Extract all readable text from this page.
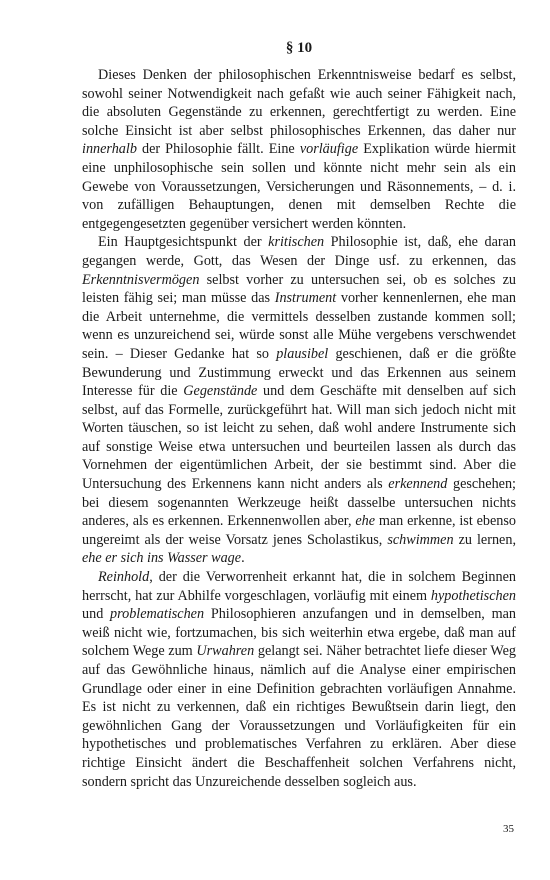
§ 10

Dieses Denken der philosophischen Erkenntnisweise bedarf es selbst, sowohl seiner Notwendigkeit nach gefaßt wie auch seiner Fähigkeit nach, die absoluten Gegenstände zu erkennen, gerechtfertigt zu werden. Eine solche Einsicht ist aber selbst philosophisches Erkennen, das daher nur innerhalb der Philosophie fällt. Eine vorläufige Explikation würde hiermit eine unphilosophische sein sollen und könnte nicht mehr sein als ein Gewebe von Voraussetzungen, Versicherungen und Räsonnements, – d. i. von zufälligen Behauptungen, denen mit demselben Rechte die entgegengesetzten gegenüber versichert werden könnten.

Ein Hauptgesichtspunkt der kritischen Philosophie ist, daß, ehe daran gegangen werde, Gott, das Wesen der Dinge usf. zu erkennen, das Erkenntnisvermögen selbst vorher zu untersuchen sei, ob es solches zu leisten fähig sei; man müsse das Instrument vorher kennenlernen, ehe man die Arbeit unternehme, die vermittels desselben zustande kommen soll; wenn es unzureichend sei, würde sonst alle Mühe vergebens verschwendet sein. – Dieser Gedanke hat so plausibel geschienen, daß er die größte Bewunderung und Zustimmung erweckt und das Erkennen aus seinem Interesse für die Gegenstände und dem Geschäfte mit denselben auf sich selbst, auf das Formelle, zurückgeführt hat. Will man sich jedoch nicht mit Worten täuschen, so ist leicht zu sehen, daß wohl andere Instrumente sich auf sonstige Weise etwa untersuchen und beurteilen lassen als durch das Vornehmen der eigentümlichen Arbeit, der sie bestimmt sind. Aber die Untersuchung des Erkennens kann nicht anders als erkennend geschehen; bei diesem sogenannten Werkzeuge heißt dasselbe untersuchen nichts anderes, als es erkennen. Erkennenwollen aber, ehe man erkenne, ist ebenso ungereimt als der weise Vorsatz jenes Scholastikus, schwimmen zu lernen, ehe er sich ins Wasser wage.

Reinhold, der die Verworrenheit erkannt hat, die in solchem Beginnen herrscht, hat zur Abhilfe vorgeschlagen, vorläufig mit einem hypothetischen und problematischen Philosophieren anzufangen und in demselben, man weiß nicht wie, fortzumachen, bis sich weiterhin etwa ergebe, daß man auf solchem Wege zum Urwahren gelangt sei. Näher betrachtet liefe dieser Weg auf das Gewöhnliche hinaus, nämlich auf die Analyse einer empirischen Grundlage oder einer in eine Definition gebrachten vorläufigen Annahme. Es ist nicht zu verkennen, daß ein richtiges Bewußtsein darin liegt, den gewöhnlichen Gang der Voraussetzungen und Vorläufigkeiten für ein hypothetisches und problematisches Verfahren zu erklären. Aber diese richtige Einsicht ändert die Beschaffenheit solchen Verfahrens nicht, sondern spricht das Unzureichende desselben sogleich aus.

35
